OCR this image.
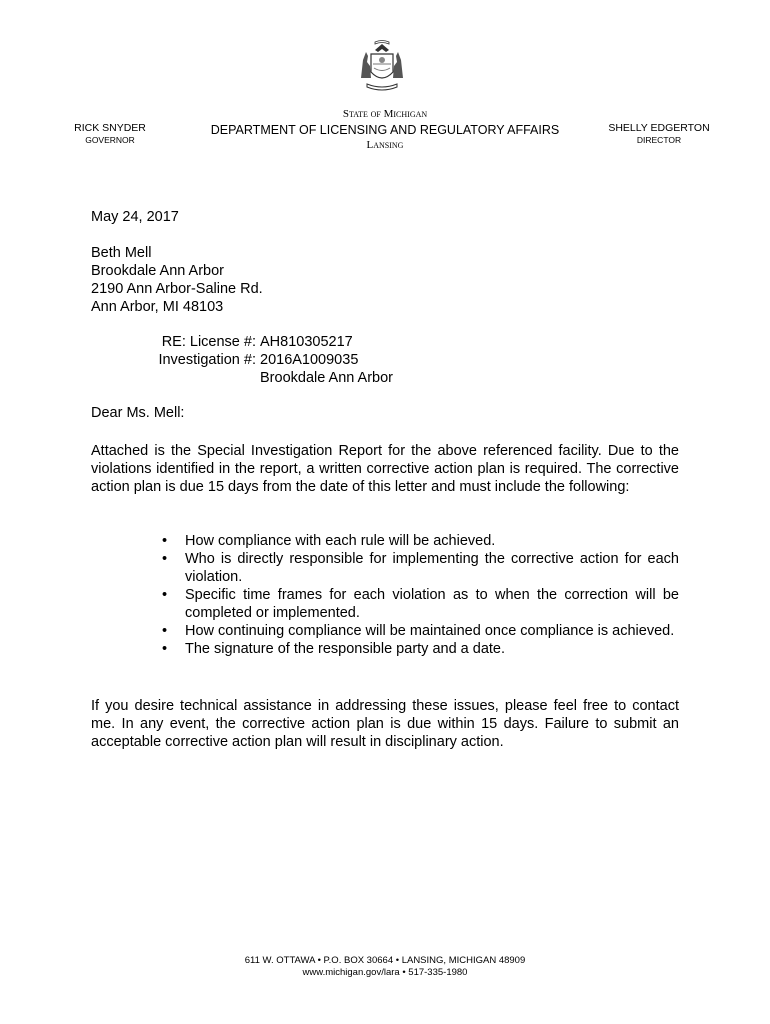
RICK SNYDER
GOVERNOR
State of Michigan
DEPARTMENT OF LICENSING AND REGULATORY AFFAIRS
Lansing
SHELLY EDGERTON
DIRECTOR
May 24, 2017
Beth Mell
Brookdale Ann Arbor
2190 Ann Arbor-Saline Rd.
Ann Arbor, MI 48103
RE: License #: AH810305217
Investigation #: 2016A1009035
Brookdale Ann Arbor
Dear Ms. Mell:
Attached is the Special Investigation Report for the above referenced facility. Due to the violations identified in the report, a written corrective action plan is required. The corrective action plan is due 15 days from the date of this letter and must include the following:
• How compliance with each rule will be achieved.
• Who is directly responsible for implementing the corrective action for each violation.
• Specific time frames for each violation as to when the correction will be completed or implemented.
• How continuing compliance will be maintained once compliance is achieved.
• The signature of the responsible party and a date.
If you desire technical assistance in addressing these issues, please feel free to contact me. In any event, the corrective action plan is due within 15 days. Failure to submit an acceptable corrective action plan will result in disciplinary action.
611 W. OTTAWA • P.O. BOX 30664 • LANSING, MICHIGAN 48909
www.michigan.gov/lara • 517-335-1980
